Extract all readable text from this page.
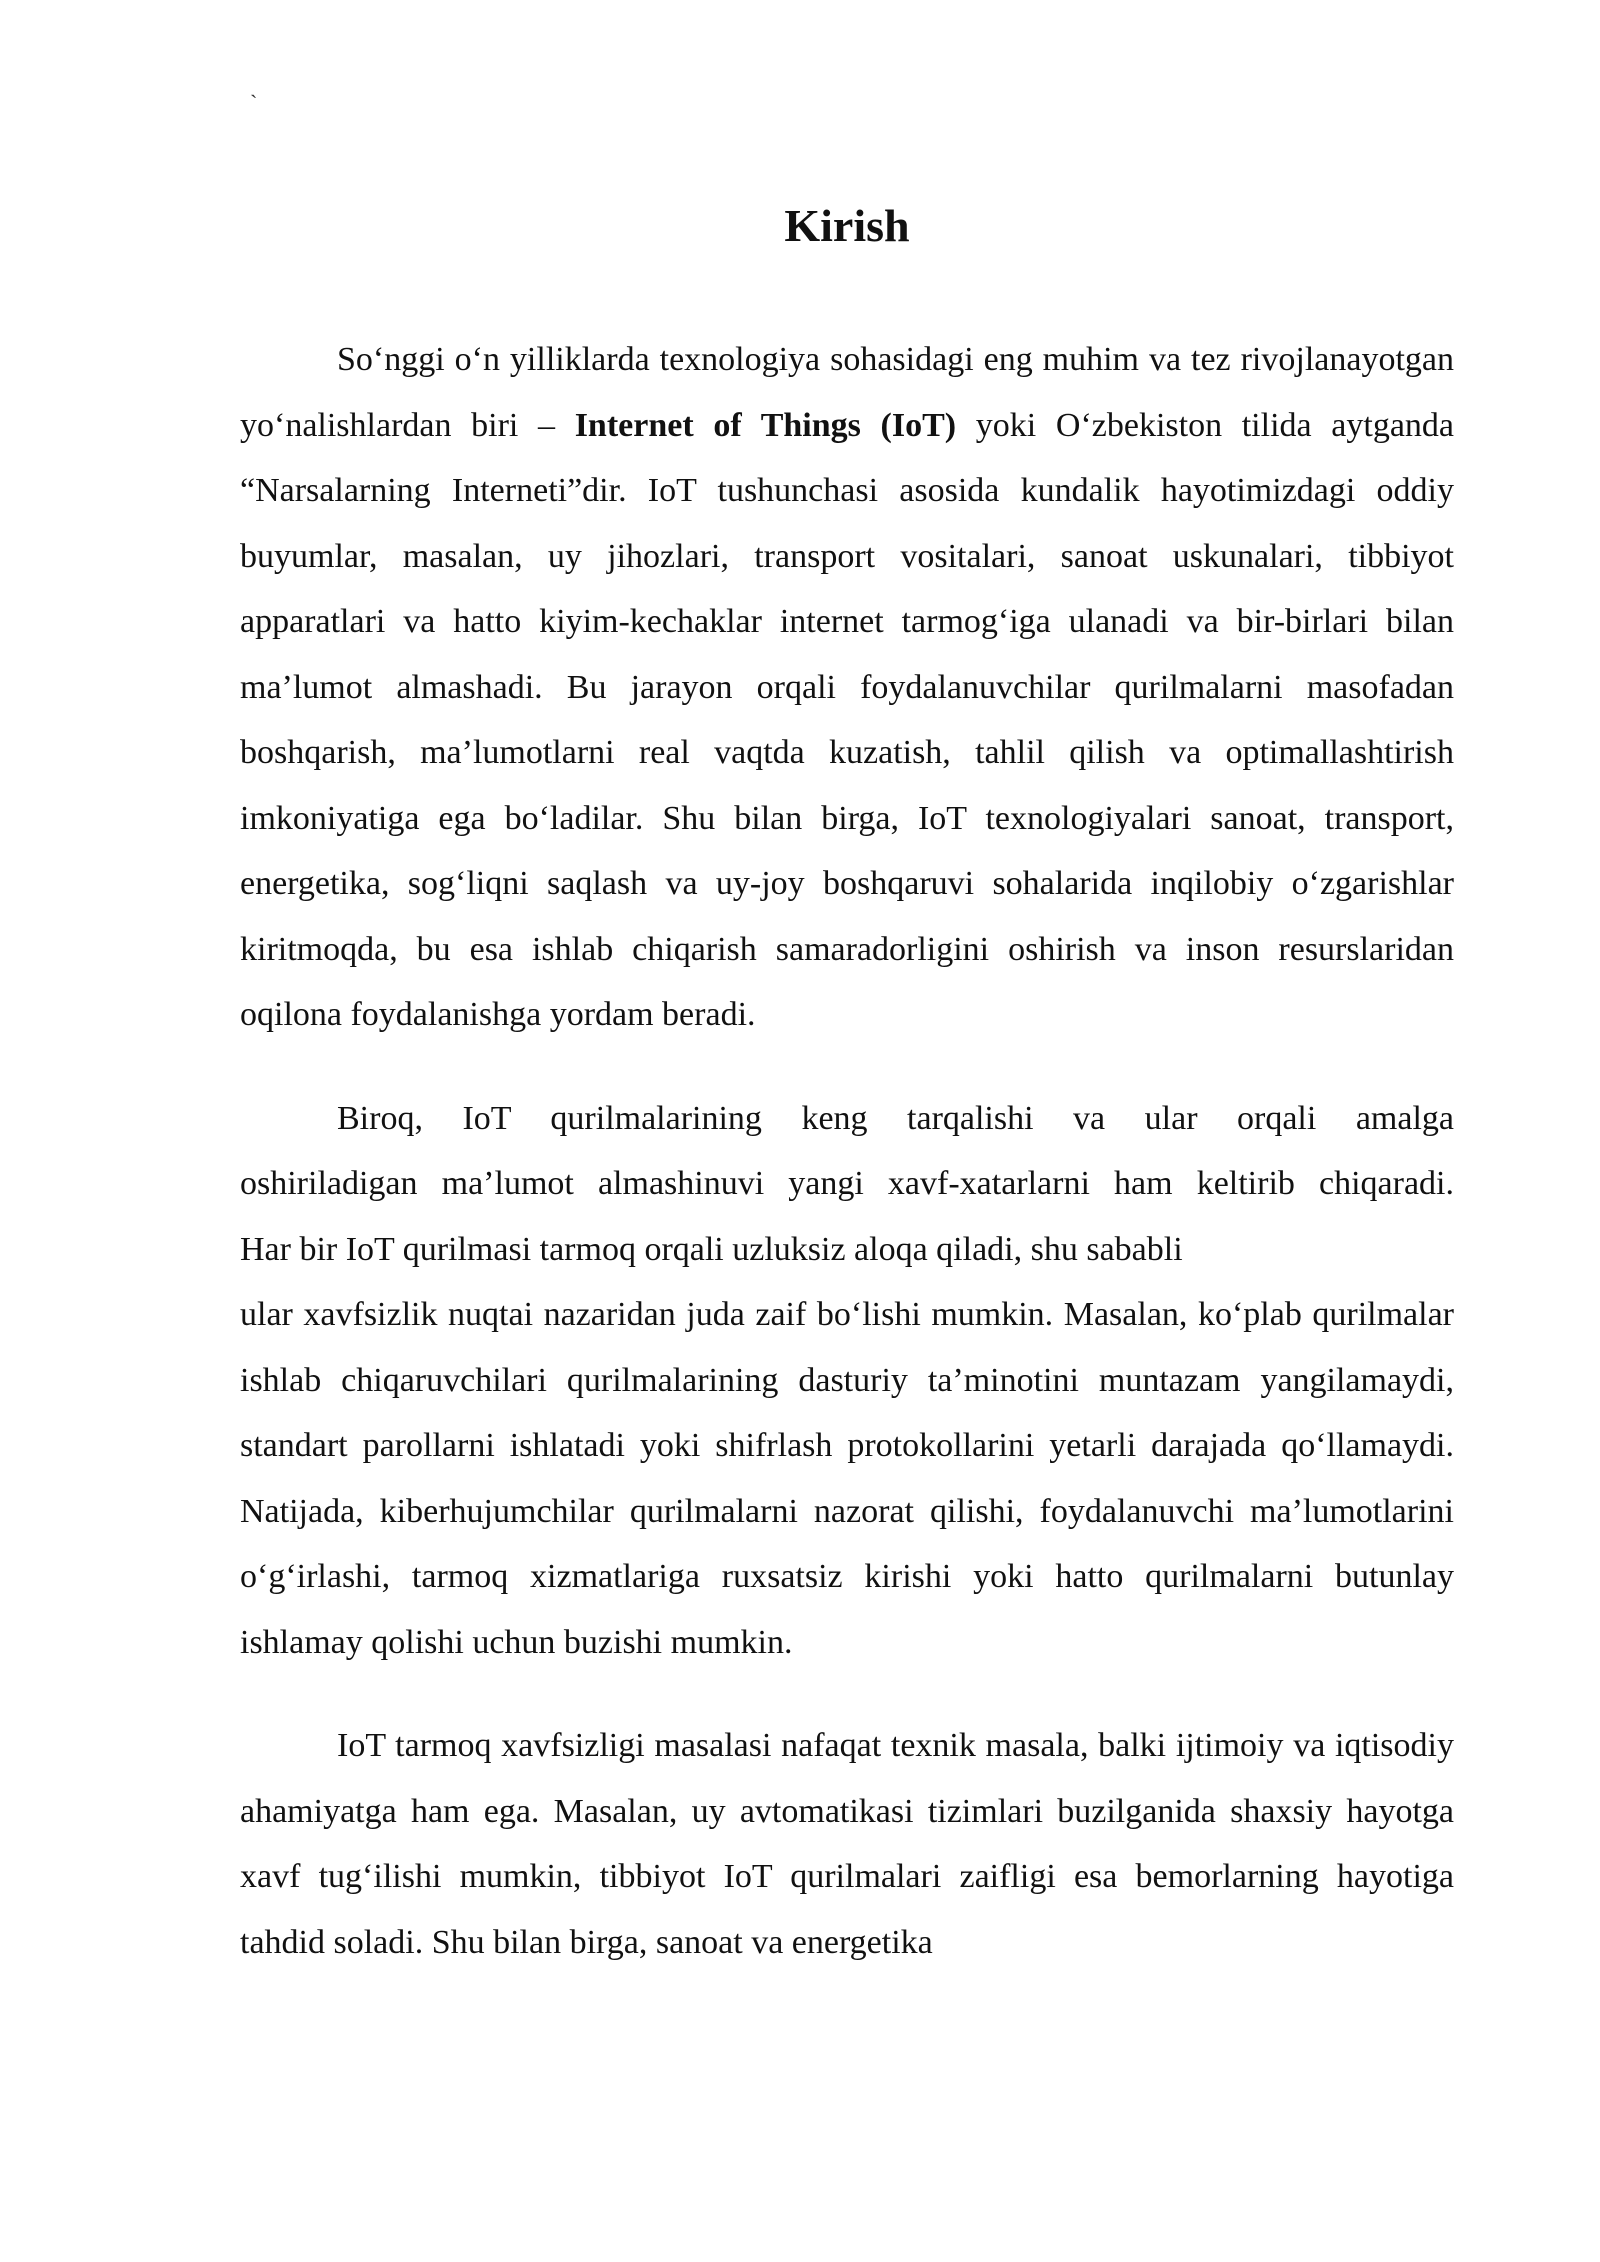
`
Kirish

So‘nggi o‘n yilliklarda texnologiya sohasidagi eng muhim va tez rivojlanayotgan yo‘nalishlardan biri – Internet of Things (IoT) yoki O‘zbekiston tilida aytganda “Narsalarning Interneti”dir. IoT tushunchasi asosida kundalik hayotimizdagi oddiy buyumlar, masalan, uy jihozlari, transport vositalari, sanoat uskunalari, tibbiyot apparatlari va hatto kiyim-kechaklar internet tarmog‘iga ulanadi va bir-birlari bilan ma’lumot almashadi. Bu jarayon orqali foydalanuvchilar qurilmalarni masofadan boshqarish, ma’lumotlarni real vaqtda kuzatish, tahlil qilish va optimallashtirish imkoniyatiga ega bo‘ladilar. Shu bilan birga, IoT texnologiyalari sanoat, transport, energetika, sog‘liqni saqlash va uy-joy boshqaruvi sohalarida inqilobiy o‘zgarishlar kiritmoqda, bu esa ishlab chiqarish samaradorligini oshirish va inson resurslaridan oqilona foydalanishga yordam beradi.

Biroq, IoT qurilmalarining keng tarqalishi va ular orqali amalga
oshiriladigan ma’lumot almashinuvi yangi xavf-xatarlarni ham keltirib chiqaradi.
Har bir IoT qurilmasi tarmoq orqali uzluksiz aloqa qiladi, shu sababli
ular xavfsizlik nuqtai nazaridan juda zaif bo‘lishi mumkin. Masalan, ko‘plab qurilmalar ishlab chiqaruvchilari qurilmalarining dasturiy ta’minotini muntazam yangilamaydi, standart parollarni ishlatadi yoki shifrlash protokollarini yetarli darajada qo‘llamaydi. Natijada, kiberhujumchilar qurilmalarni nazorat qilishi, foydalanuvchi ma’lumotlarini o‘g‘irlashi, tarmoq xizmatlariga ruxsatsiz kirishi yoki hatto qurilmalarni butunlay ishlamay qolishi uchun buzishi mumkin.

IoT tarmoq xavfsizligi masalasi nafaqat texnik masala, balki ijtimoiy va iqtisodiy ahamiyatga ham ega. Masalan, uy avtomatikasi tizimlari buzilganida shaxsiy hayotga xavf tug‘ilishi mumkin, tibbiyot IoT qurilmalari zaifligi esa bemorlarning hayotiga tahdid soladi. Shu bilan birga, sanoat va energetika
